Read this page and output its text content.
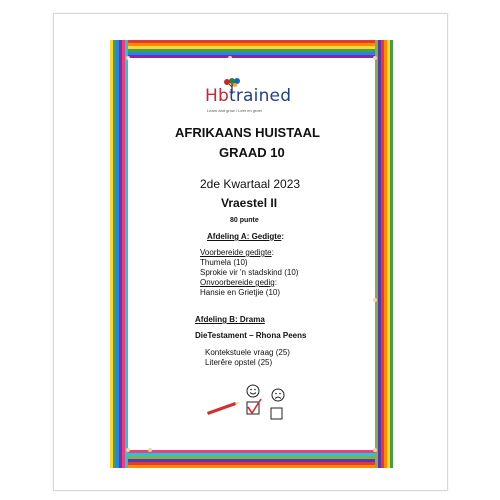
Hbtrained
Learn and grow / Leer en groei
AFRIKAANS HUISTAAL
GRAAD 10
2de Kwartaal 2023
Vraestel II
80 punte
Afdeling A: Gedigte:
Voorbereide gedigte:
Thumela (10)
Sprokie vir 'n stadskind (10)
Onvoorbereide gedig:
Hansie en Grietjie (10)
Afdeling B: Drama
DieTestament – Rhona Peens
Kontekstuele vraag (25)
Literêre opstel (25)
